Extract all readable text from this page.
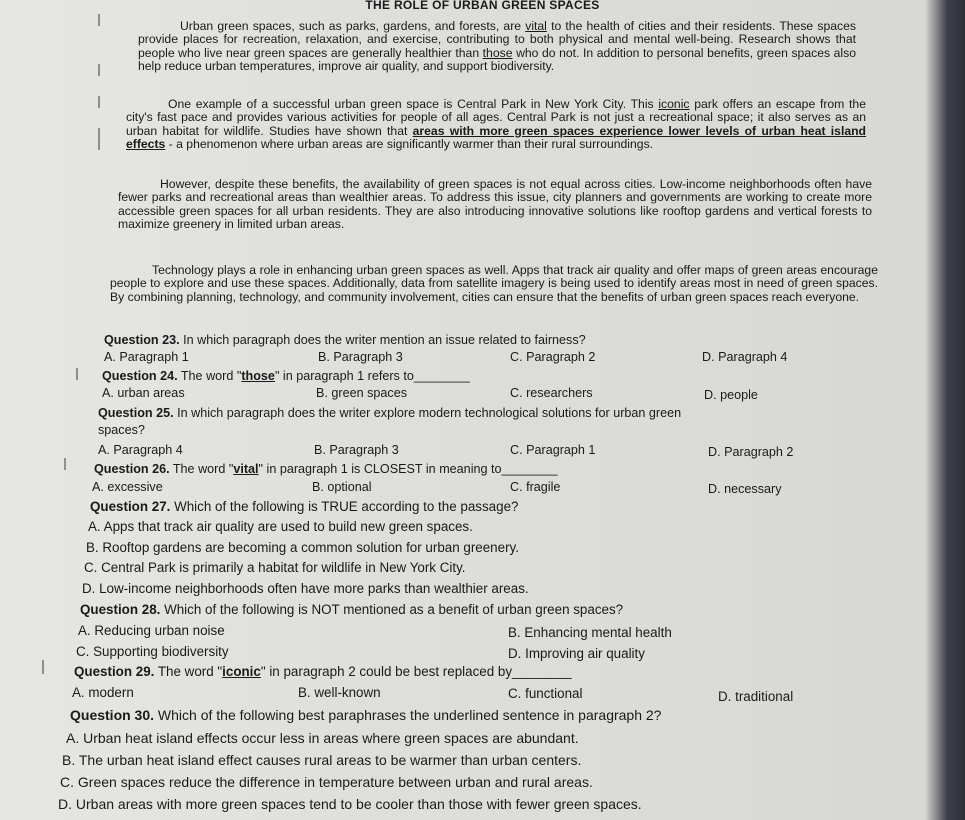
THE ROLE OF URBAN GREEN SPACES
Urban green spaces, such as parks, gardens, and forests, are vital to the health of cities and their residents. These spaces provide places for recreation, relaxation, and exercise, contributing to both physical and mental well-being. Research shows that people who live near green spaces are generally healthier than those who do not. In addition to personal benefits, green spaces also help reduce urban temperatures, improve air quality, and support biodiversity.
One example of a successful urban green space is Central Park in New York City. This iconic park offers an escape from the city's fast pace and provides various activities for people of all ages. Central Park is not just a recreational space; it also serves as an urban habitat for wildlife. Studies have shown that areas with more green spaces experience lower levels of urban heat island effects - a phenomenon where urban areas are significantly warmer than their rural surroundings.
However, despite these benefits, the availability of green spaces is not equal across cities. Low-income neighborhoods often have fewer parks and recreational areas than wealthier areas. To address this issue, city planners and governments are working to create more accessible green spaces for all urban residents. They are also introducing innovative solutions like rooftop gardens and vertical forests to maximize greenery in limited urban areas.
Technology plays a role in enhancing urban green spaces as well. Apps that track air quality and offer maps of green areas encourage people to explore and use these spaces. Additionally, data from satellite imagery is being used to identify areas most in need of green spaces. By combining planning, technology, and community involvement, cities can ensure that the benefits of urban green spaces reach everyone.
Question 23. In which paragraph does the writer mention an issue related to fairness?
A. Paragraph 1	B. Paragraph 3	C. Paragraph 2	D. Paragraph 4
Question 24. The word "those" in paragraph 1 refers to________
A. urban areas	B. green spaces	C. researchers	D. people
Question 25. In which paragraph does the writer explore modern technological solutions for urban green
spaces?
A. Paragraph 4	B. Paragraph 3	C. Paragraph 1	D. Paragraph 2
Question 26. The word "vital" in paragraph 1 is CLOSEST in meaning to________
A. excessive	B. optional	C. fragile	D. necessary
Question 27. Which of the following is TRUE according to the passage?
A. Apps that track air quality are used to build new green spaces.
B. Rooftop gardens are becoming a common solution for urban greenery.
C. Central Park is primarily a habitat for wildlife in New York City.
D. Low-income neighborhoods often have more parks than wealthier areas.
Question 28. Which of the following is NOT mentioned as a benefit of urban green spaces?
A. Reducing urban noise	B. Enhancing mental health
C. Supporting biodiversity	D. Improving air quality
Question 29. The word "iconic" in paragraph 2 could be best replaced by________
A. modern	B. well-known	C. functional	D. traditional
Question 30. Which of the following best paraphrases the underlined sentence in paragraph 2?
A. Urban heat island effects occur less in areas where green spaces are abundant.
B. The urban heat island effect causes rural areas to be warmer than urban centers.
C. Green spaces reduce the difference in temperature between urban and rural areas.
D. Urban areas with more green spaces tend to be cooler than those with fewer green spaces.
